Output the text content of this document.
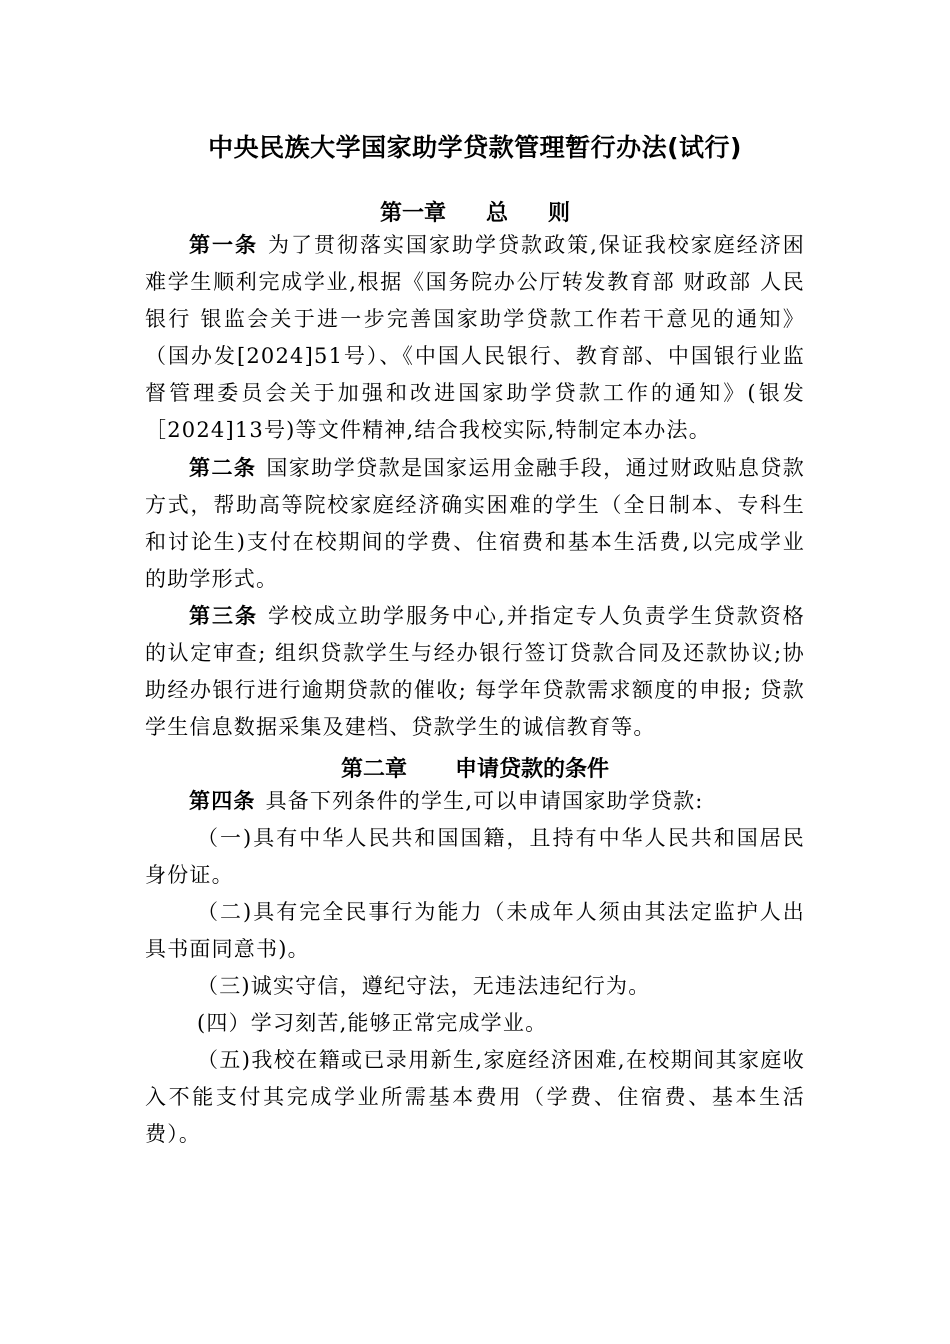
中央民族大学国家助学贷款管理暂行办法(试行)
第一章 总 则
第一条 为了贯彻落实国家助学贷款政策,保证我校家庭经济困难学生顺利完成学业,根据《国务院办公厅转发教育部 财政部 人民银行 银监会关于进一步完善国家助学贷款工作若干意见的通知》（国办发[2024]51号）、《中国人民银行、教育部、中国银行业监督管理委员会关于加强和改进国家助学贷款工作的通知》(银发［2024]13号)等文件精神,结合我校实际,特制定本办法。
第二条 国家助学贷款是国家运用金融手段，通过财政贴息贷款方式，帮助高等院校家庭经济确实困难的学生（全日制本、专科生和讨论生)支付在校期间的学费、住宿费和基本生活费,以完成学业的助学形式。
第三条 学校成立助学服务中心,并指定专人负责学生贷款资格的认定审查; 组织贷款学生与经办银行签订贷款合同及还款协议;协助经办银行进行逾期贷款的催收; 每学年贷款需求额度的申报; 贷款学生信息数据采集及建档、贷款学生的诚信教育等。
第二章 申请贷款的条件
第四条 具备下列条件的学生,可以申请国家助学贷款:
（一)具有中华人民共和国国籍，且持有中华人民共和国居民身份证。
（二)具有完全民事行为能力（未成年人须由其法定监护人出具书面同意书)。
（三)诚实守信，遵纪守法，无违法违纪行为。
(四）学习刻苦,能够正常完成学业。
（五)我校在籍或已录用新生,家庭经济困难,在校期间其家庭收入不能支付其完成学业所需基本费用（学费、住宿费、基本生活费）。
